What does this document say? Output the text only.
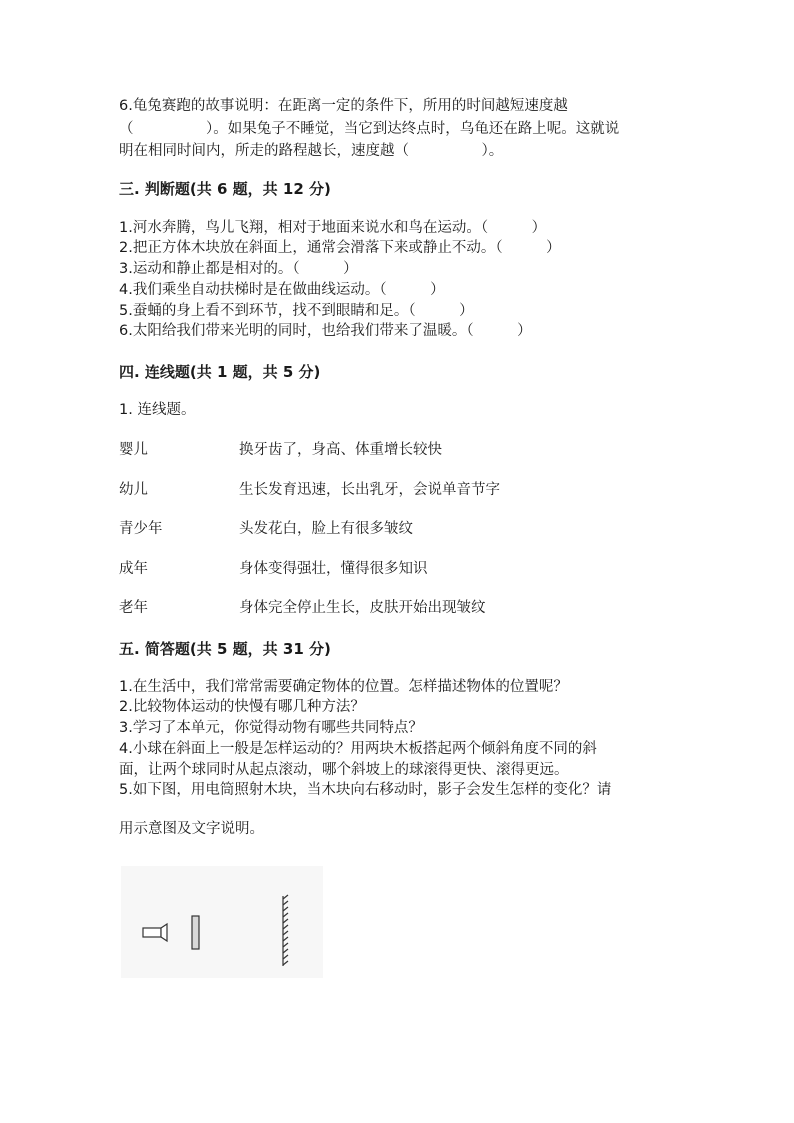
6.龟兔赛跑的故事说明：在距离一定的条件下，所用的时间越短速度越
（　　　　　）。如果兔子不睡觉，当它到达终点时，乌龟还在路上呢。这就说
明在相同时间内，所走的路程越长，速度越（　　　　　）。
三. 判断题(共 6 题，共 12 分)
1.河水奔腾，鸟儿飞翔，相对于地面来说水和鸟在运动。（　　　）
2.把正方体木块放在斜面上，通常会滑落下来或静止不动。（　　　）
3.运动和静止都是相对的。（　　　）
4.我们乘坐自动扶梯时是在做曲线运动。（　　　）
5.蚕蛹的身上看不到环节，找不到眼睛和足。（　　　）
6.太阳给我们带来光明的同时，也给我们带来了温暖。（　　　）
四. 连线题(共 1 题，共 5 分)
1. 连线题。
婴儿	换牙齿了，身高、体重增长较快
幼儿	生长发育迅速，长出乳牙，会说单音节字
青少年	头发花白，脸上有很多皱纹
成年	身体变得强壮，懂得很多知识
老年	身体完全停止生长，皮肤开始出现皱纹
五. 简答题(共 5 题，共 31 分)
1.在生活中，我们常常需要确定物体的位置。怎样描述物体的位置呢？
2.比较物体运动的快慢有哪几种方法？
3.学习了本单元，你觉得动物有哪些共同特点？
4.小球在斜面上一般是怎样运动的？用两块木板搭起两个倾斜角度不同的斜
面，让两个球同时从起点滚动，哪个斜坡上的球滚得更快、滚得更远。
5.如下图，用电筒照射木块，当木块向右移动时，影子会发生怎样的变化？请
用示意图及文字说明。
